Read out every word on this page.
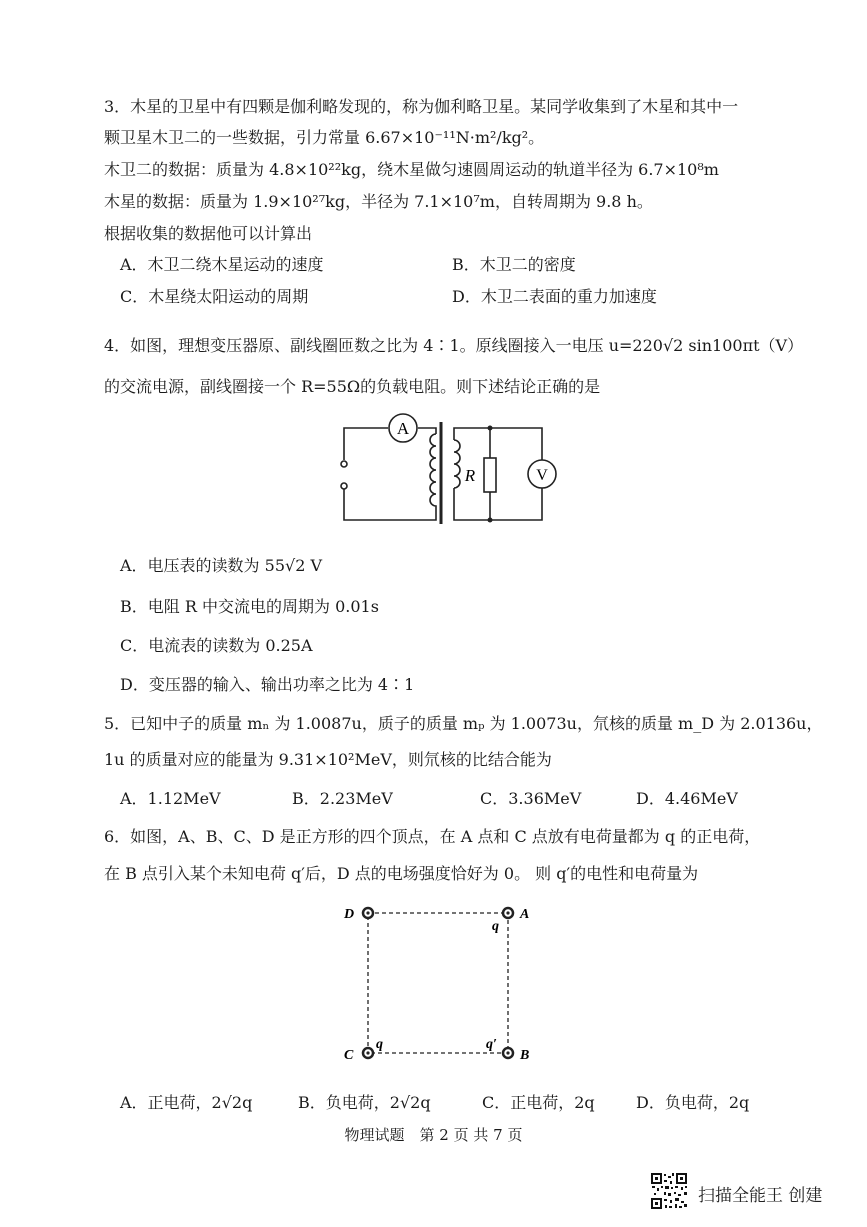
3．木星的卫星中有四颗是伽利略发现的，称为伽利略卫星。某同学收集到了木星和其中一
颗卫星木卫二的一些数据，引力常量 6.67×10⁻¹¹N·m²/kg²。
木卫二的数据：质量为 4.8×10²²kg，绕木星做匀速圆周运动的轨道半径为 6.7×10⁸m
木星的数据：质量为 1.9×10²⁷kg，半径为 7.1×10⁷m，自转周期为 9.8 h。
根据收集的数据他可以计算出
A．木卫二绕木星运动的速度	B．木卫二的密度
C．木星绕太阳运动的周期	D．木卫二表面的重力加速度
4．如图，理想变压器原、副线圈匝数之比为 4∶1。原线圈接入一电压 u=220√2 sin100πt（V）
的交流电源，副线圈接一个 R=55Ω的负载电阻。则下述结论正确的是
A
R	V
A．电压表的读数为 55√2 V
B．电阻 R 中交流电的周期为 0.01s
C．电流表的读数为 0.25A
D．变压器的输入、输出功率之比为 4∶1
5．已知中子的质量 mₙ 为 1.0087u，质子的质量 mₚ 为 1.0073u，氘核的质量 m_D 为 2.0136u，
1u 的质量对应的能量为 9.31×10²MeV，则氘核的比结合能为
A．1.12MeV	B．2.23MeV	C．3.36MeV	D．4.46MeV
6．如图，A、B、C、D 是正方形的四个顶点，在 A 点和 C 点放有电荷量都为 q 的正电荷，
在 B 点引入某个未知电荷 q′后，D 点的电场强度恰好为 0。 则 q′的电性和电荷量为
D	A
C	B
q
q	q′
A．正电荷，2√2q	B．负电荷，2√2q	C．正电荷，2q	D．负电荷，2q
物理试题　第 2 页 共 7 页
扫描全能王 创建
